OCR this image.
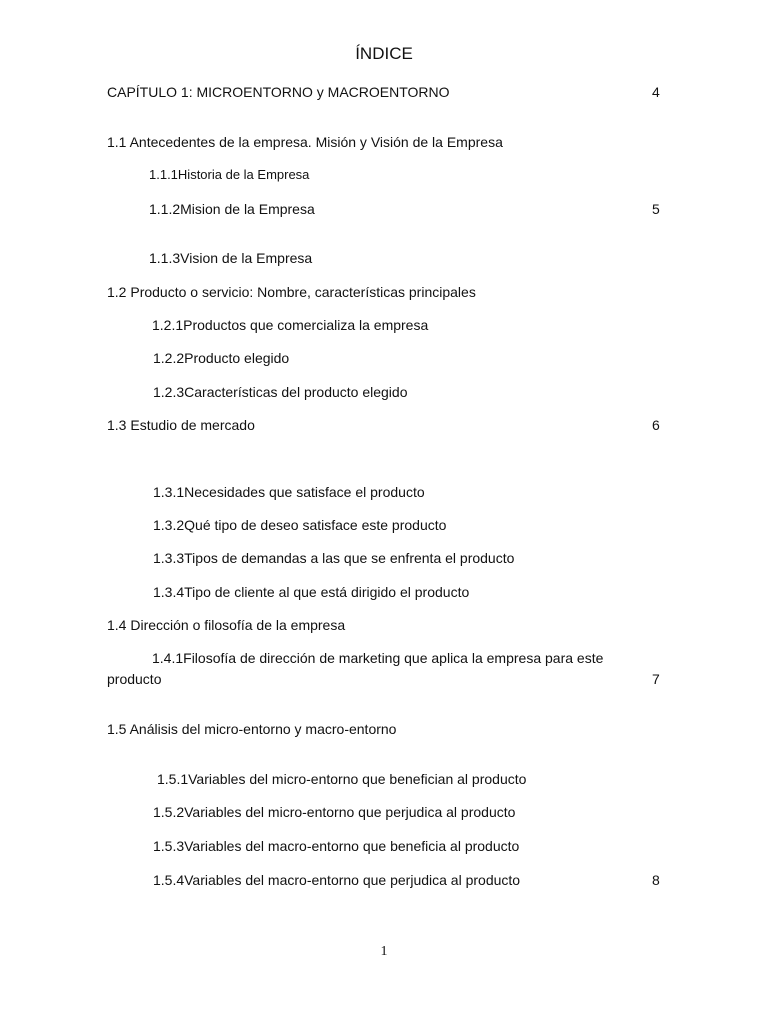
ÍNDICE
CAPÍTULO 1: MICROENTORNO y MACROENTORNO	4
1.1 Antecedentes de la empresa. Misión y Visión de la Empresa
1.1.1Historia de la Empresa
1.1.2Mision de la Empresa	5
1.1.3Vision de la Empresa
1.2 Producto o servicio: Nombre, características principales
1.2.1Productos que comercializa la empresa
1.2.2Producto elegido
1.2.3Características del producto elegido
1.3 Estudio de mercado	6
1.3.1Necesidades que satisface el producto
1.3.2Qué tipo de deseo satisface este producto
1.3.3Tipos de demandas a las que se enfrenta el producto
1.3.4Tipo de cliente al que está dirigido el producto
1.4 Dirección o filosofía de la empresa
1.4.1Filosofía de dirección de marketing que aplica la empresa para este
producto	7
1.5 Análisis del micro-entorno y macro-entorno
1.5.1Variables del micro-entorno que benefician al producto
1.5.2Variables del micro-entorno que perjudica al producto
1.5.3Variables del macro-entorno que beneficia al producto
1.5.4Variables del macro-entorno que perjudica al producto	8
1
